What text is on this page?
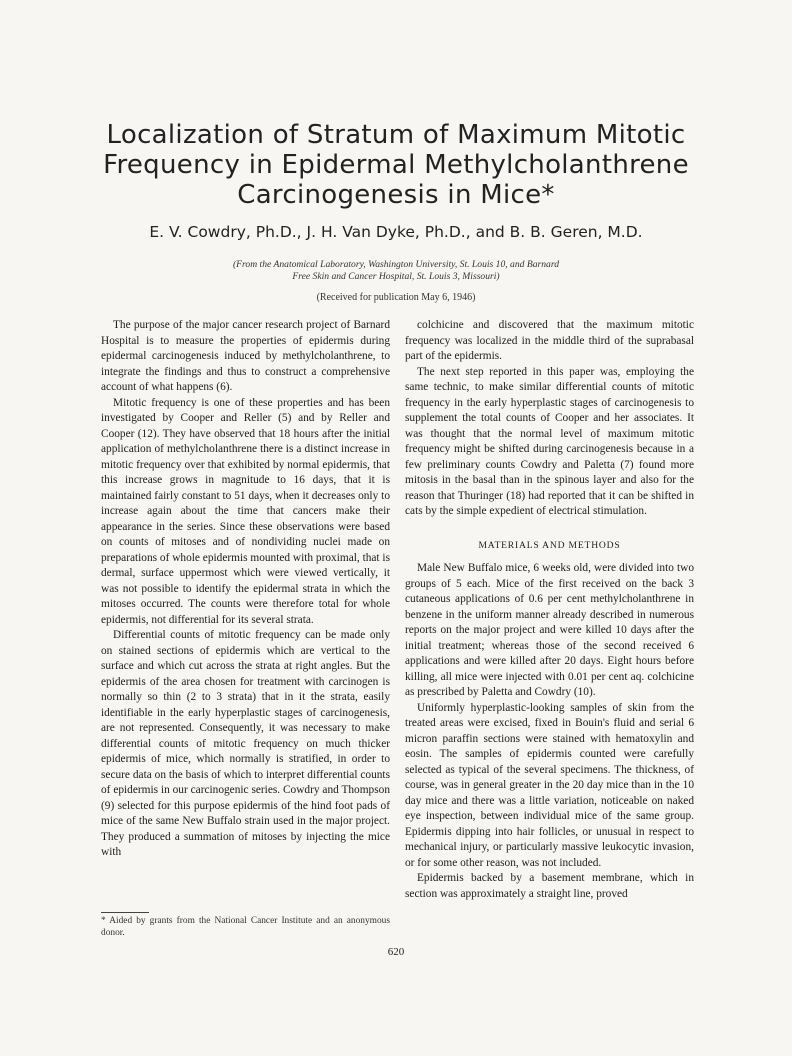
Localization of Stratum of Maximum Mitotic
Frequency in Epidermal Methylcholanthrene
Carcinogenesis in Mice*
E. V. Cowdry, Ph.D., J. H. Van Dyke, Ph.D., and B. B. Geren, M.D.
(From the Anatomical Laboratory, Washington University, St. Louis 10, and Barnard
Free Skin and Cancer Hospital, St. Louis 3, Missouri)
(Received for publication May 6, 1946)

The purpose of the major cancer research project of Barnard Hospital is to measure the properties of epidermis during epidermal carcinogenesis induced by methylcholanthrene, to integrate the findings and thus to construct a comprehensive account of what happens (6).

Mitotic frequency is one of these properties and has been investigated by Cooper and Reller (5) and by Reller and Cooper (12). They have observed that 18 hours after the initial application of methylcholanthrene there is a distinct increase in mitotic frequency over that exhibited by normal epidermis, that this increase grows in magnitude to 16 days, that it is maintained fairly constant to 51 days, when it decreases only to increase again about the time that cancers make their appearance in the series. Since these observations were based on counts of mitoses and of nondividing nuclei made on preparations of whole epidermis mounted with proximal, that is dermal, surface uppermost which were viewed vertically, it was not possible to identify the epidermal strata in which the mitoses occurred. The counts were therefore total for whole epidermis, not differential for its several strata.

Differential counts of mitotic frequency can be made only on stained sections of epidermis which are vertical to the surface and which cut across the strata at right angles. But the epidermis of the area chosen for treatment with carcinogen is normally so thin (2 to 3 strata) that in it the strata, easily identifiable in the early hyperplastic stages of carcinogenesis, are not represented. Consequently, it was necessary to make differential counts of mitotic frequency on much thicker epidermis of mice, which normally is stratified, in order to secure data on the basis of which to interpret differential counts of epidermis in our carcinogenic series. Cowdry and Thompson (9) selected for this purpose epidermis of the hind foot pads of mice of the same New Buffalo strain used in the major project. They produced a summation of mitoses by injecting the mice with

colchicine and discovered that the maximum mitotic frequency was localized in the middle third of the suprabasal part of the epidermis.

The next step reported in this paper was, employing the same technic, to make similar differential counts of mitotic frequency in the early hyperplastic stages of carcinogenesis to supplement the total counts of Cooper and her associates. It was thought that the normal level of maximum mitotic frequency might be shifted during carcinogenesis because in a few preliminary counts Cowdry and Paletta (7) found more mitosis in the basal than in the spinous layer and also for the reason that Thuringer (18) had reported that it can be shifted in cats by the simple expedient of electrical stimulation.

MATERIALS AND METHODS

Male New Buffalo mice, 6 weeks old, were divided into two groups of 5 each. Mice of the first received on the back 3 cutaneous applications of 0.6 per cent methylcholanthrene in benzene in the uniform manner already described in numerous reports on the major project and were killed 10 days after the initial treatment; whereas those of the second received 6 applications and were killed after 20 days. Eight hours before killing, all mice were injected with 0.01 per cent aq. colchicine as prescribed by Paletta and Cowdry (10).

Uniformly hyperplastic-looking samples of skin from the treated areas were excised, fixed in Bouin's fluid and serial 6 micron paraffin sections were stained with hematoxylin and eosin. The samples of epidermis counted were carefully selected as typical of the several specimens. The thickness, of course, was in general greater in the 20 day mice than in the 10 day mice and there was a little variation, noticeable on naked eye inspection, between individual mice of the same group. Epidermis dipping into hair follicles, or unusual in respect to mechanical injury, or particularly massive leukocytic invasion, or for some other reason, was not included.

Epidermis backed by a basement membrane, which in section was approximately a straight line, proved

* Aided by grants from the National Cancer Institute and an anonymous donor.
620
